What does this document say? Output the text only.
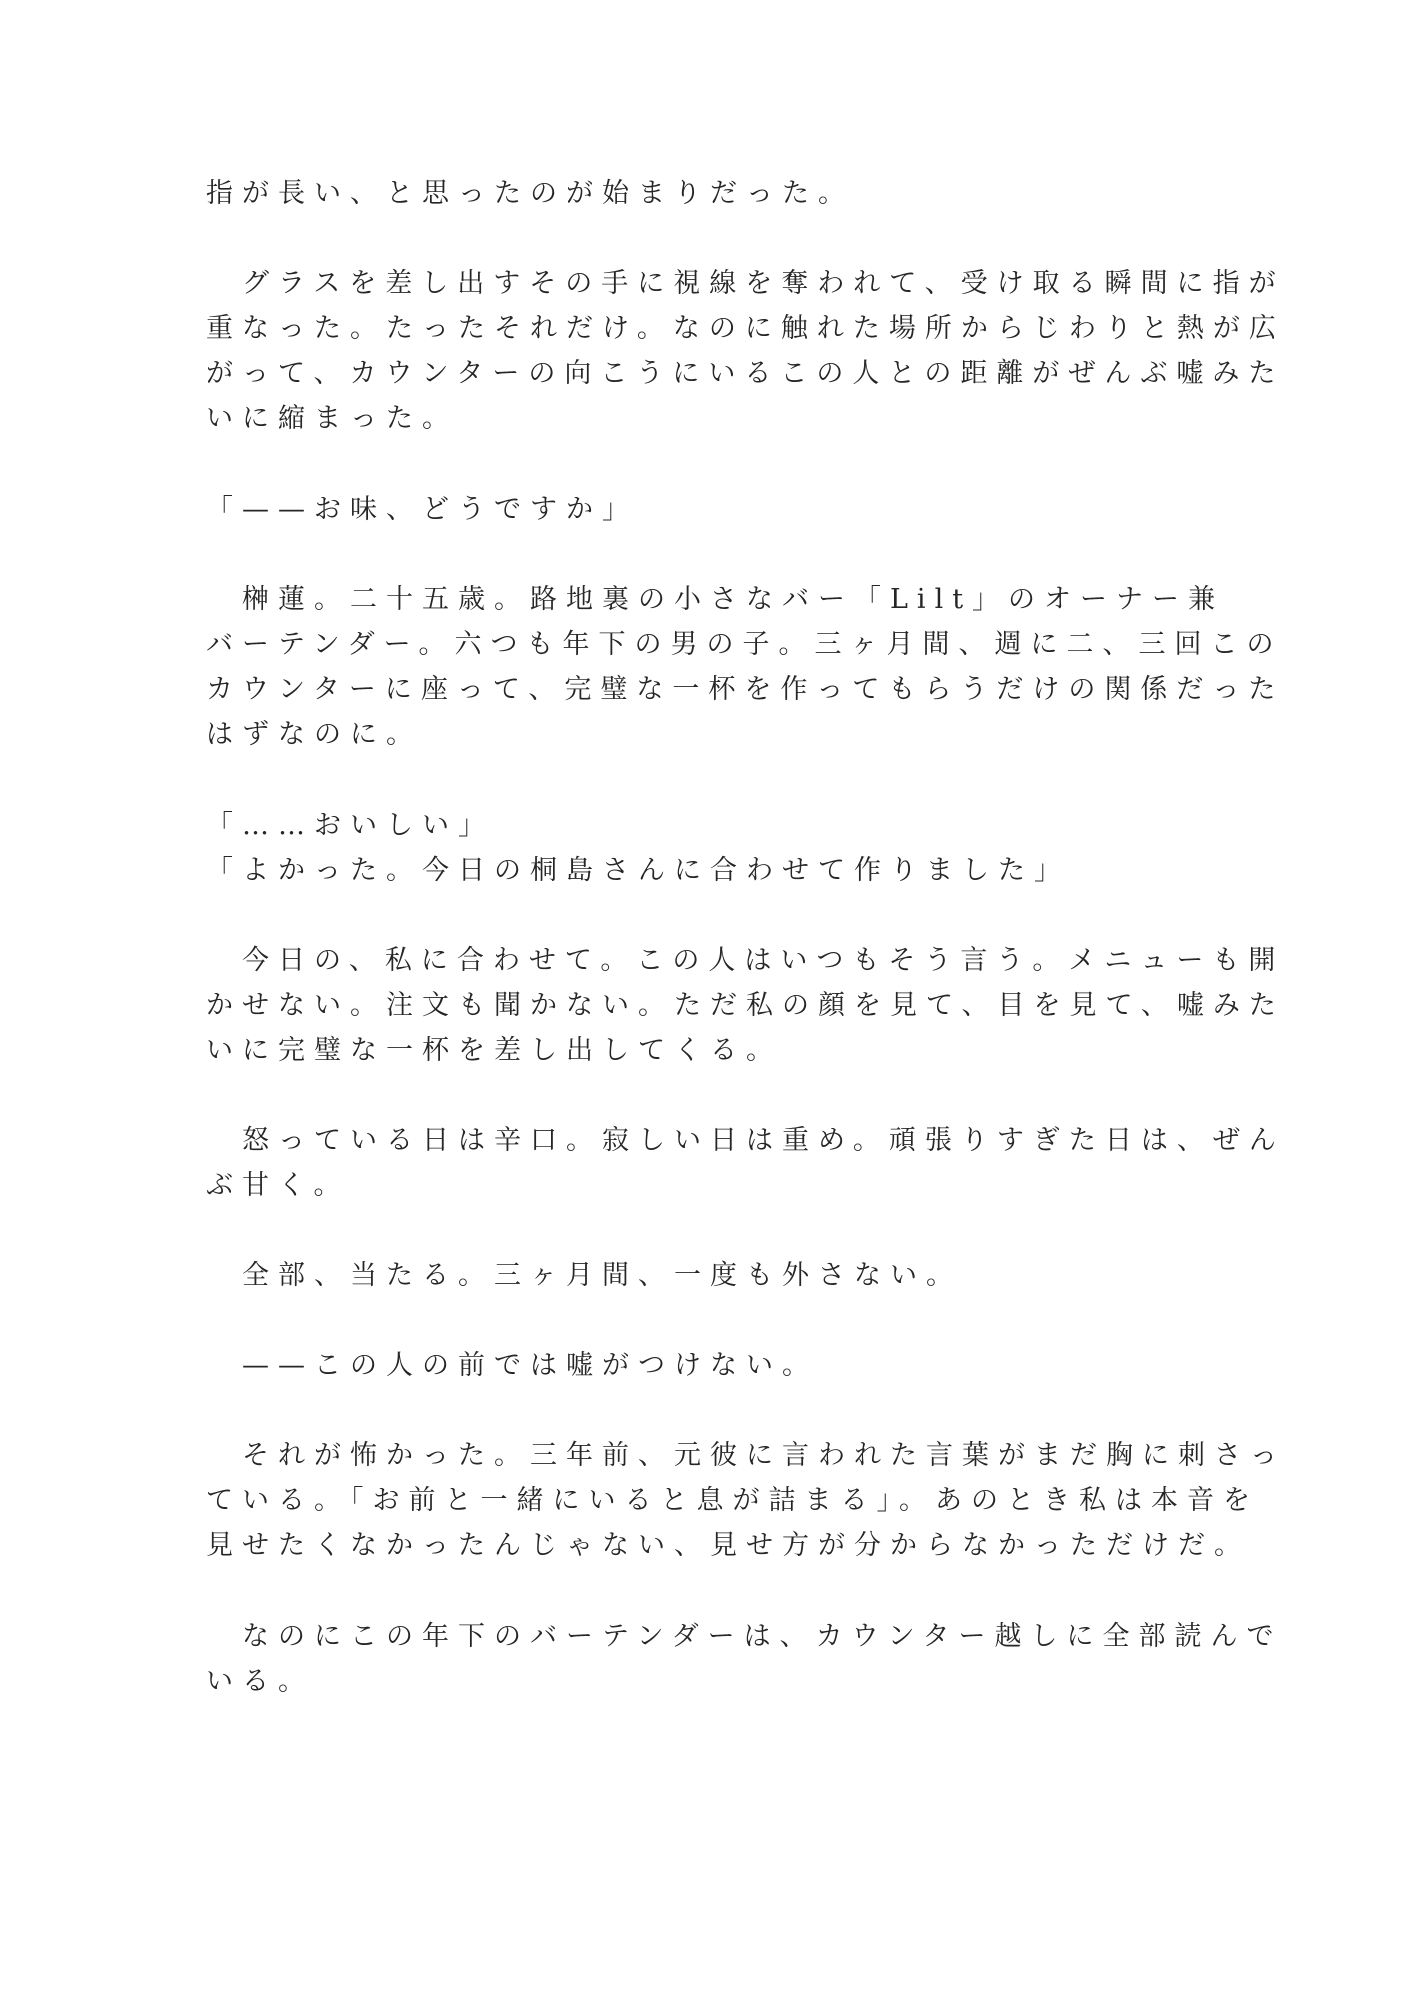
指が長い、と思ったのが始まりだった。

　グラスを差し出すその手に視線を奪われて、受け取る瞬間に指が

重なった。たったそれだけ。なのに触れた場所からじわりと熱が広

がって、カウンターの向こうにいるこの人との距離がぜんぶ嘘みた

いに縮まった。

「——お味、どうですか」

　榊蓮。二十五歳。路地裏の小さなバー「Lilt」のオーナー兼

バーテンダー。六つも年下の男の子。三ヶ月間、週に二、三回この

カウンターに座って、完璧な一杯を作ってもらうだけの関係だった

はずなのに。

「……おいしい」

「よかった。今日の桐島さんに合わせて作りました」

　今日の、私に合わせて。この人はいつもそう言う。メニューも開

かせない。注文も聞かない。ただ私の顔を見て、目を見て、嘘みた

いに完璧な一杯を差し出してくる。

　怒っている日は辛口。寂しい日は重め。頑張りすぎた日は、ぜん

ぶ甘く。

　全部、当たる。三ヶ月間、一度も外さない。

　——この人の前では嘘がつけない。

　それが怖かった。三年前、元彼に言われた言葉がまだ胸に刺さっ

ている。「お前と一緒にいると息が詰まる」。あのとき私は本音を

見せたくなかったんじゃない、見せ方が分からなかっただけだ。

　なのにこの年下のバーテンダーは、カウンター越しに全部読んで

いる。
